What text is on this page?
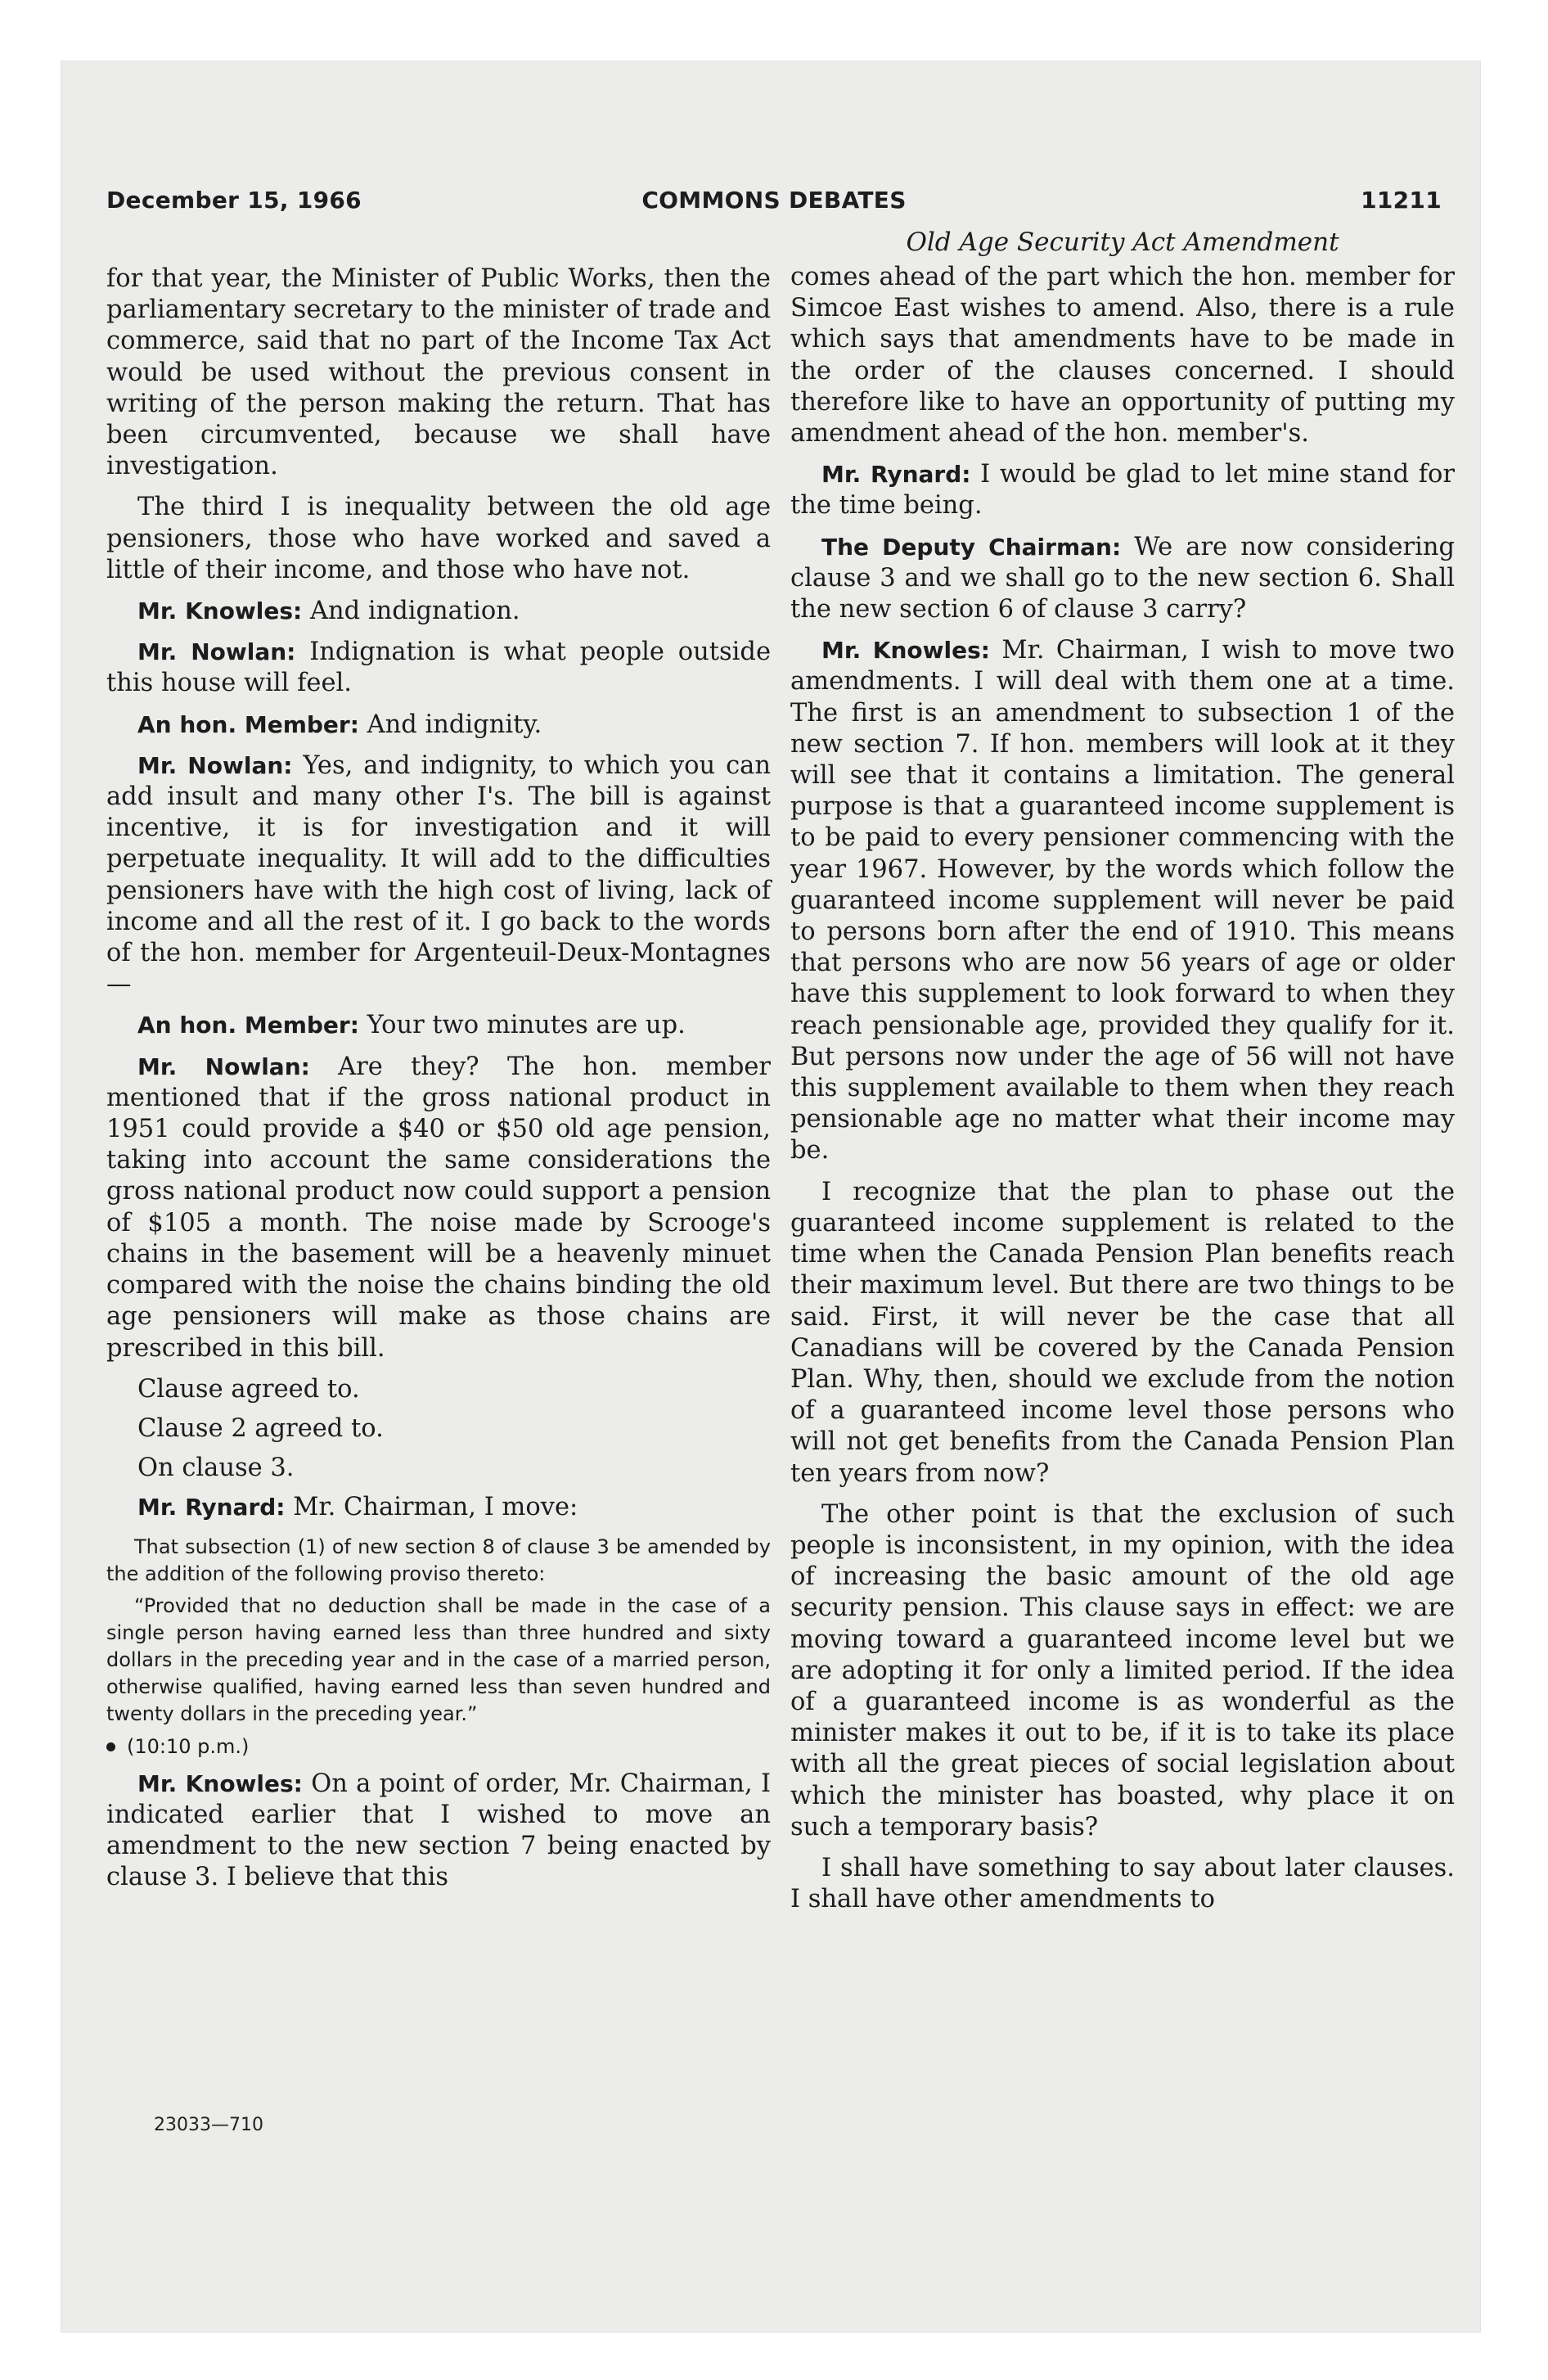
December 15, 1966	COMMONS DEBATES	11211

for that year, the Minister of Public Works, then the parliamentary secretary to the minister of trade and commerce, said that no part of the Income Tax Act would be used without the previous consent in writing of the person making the return. That has been circumvented, because we shall have investigation.

The third I is inequality between the old age pensioners, those who have worked and saved a little of their income, and those who have not.

Mr. Knowles: And indignation.

Mr. Nowlan: Indignation is what people outside this house will feel.

An hon. Member: And indignity.

Mr. Nowlan: Yes, and indignity, to which you can add insult and many other I's. The bill is against incentive, it is for investigation and it will perpetuate inequality. It will add to the difficulties pensioners have with the high cost of living, lack of income and all the rest of it. I go back to the words of the hon. member for Argenteuil-Deux-Montagnes—

An hon. Member: Your two minutes are up.

Mr. Nowlan: Are they? The hon. member mentioned that if the gross national product in 1951 could provide a $40 or $50 old age pension, taking into account the same considerations the gross national product now could support a pension of $105 a month. The noise made by Scrooge's chains in the basement will be a heavenly minuet compared with the noise the chains binding the old age pensioners will make as those chains are prescribed in this bill.

Clause agreed to.

Clause 2 agreed to.

On clause 3.

Mr. Rynard: Mr. Chairman, I move:

That subsection (1) of new section 8 of clause 3 be amended by the addition of the following proviso thereto:
“Provided that no deduction shall be made in the case of a single person having earned less than three hundred and sixty dollars in the preceding year and in the case of a married person, otherwise qualified, having earned less than seven hundred and twenty dollars in the preceding year.”
(10:10 p.m.)

Mr. Knowles: On a point of order, Mr. Chairman, I indicated earlier that I wished to move an amendment to the new section 7 being enacted by clause 3. I believe that this

Old Age Security Act Amendment

comes ahead of the part which the hon. member for Simcoe East wishes to amend. Also, there is a rule which says that amendments have to be made in the order of the clauses concerned. I should therefore like to have an opportunity of putting my amendment ahead of the hon. member's.

Mr. Rynard: I would be glad to let mine stand for the time being.

The Deputy Chairman: We are now considering clause 3 and we shall go to the new section 6. Shall the new section 6 of clause 3 carry?

Mr. Knowles: Mr. Chairman, I wish to move two amendments. I will deal with them one at a time. The first is an amendment to subsection 1 of the new section 7. If hon. members will look at it they will see that it contains a limitation. The general purpose is that a guaranteed income supplement is to be paid to every pensioner commencing with the year 1967. However, by the words which follow the guaranteed income supplement will never be paid to persons born after the end of 1910. This means that persons who are now 56 years of age or older have this supplement to look forward to when they reach pensionable age, provided they qualify for it. But persons now under the age of 56 will not have this supplement available to them when they reach pensionable age no matter what their income may be.

I recognize that the plan to phase out the guaranteed income supplement is related to the time when the Canada Pension Plan benefits reach their maximum level. But there are two things to be said. First, it will never be the case that all Canadians will be covered by the Canada Pension Plan. Why, then, should we exclude from the notion of a guaranteed income level those persons who will not get benefits from the Canada Pension Plan ten years from now?

The other point is that the exclusion of such people is inconsistent, in my opinion, with the idea of increasing the basic amount of the old age security pension. This clause says in effect: we are moving toward a guaranteed income level but we are adopting it for only a limited period. If the idea of a guaranteed income is as wonderful as the minister makes it out to be, if it is to take its place with all the great pieces of social legislation about which the minister has boasted, why place it on such a temporary basis?

I shall have something to say about later clauses. I shall have other amendments to

23033—710
